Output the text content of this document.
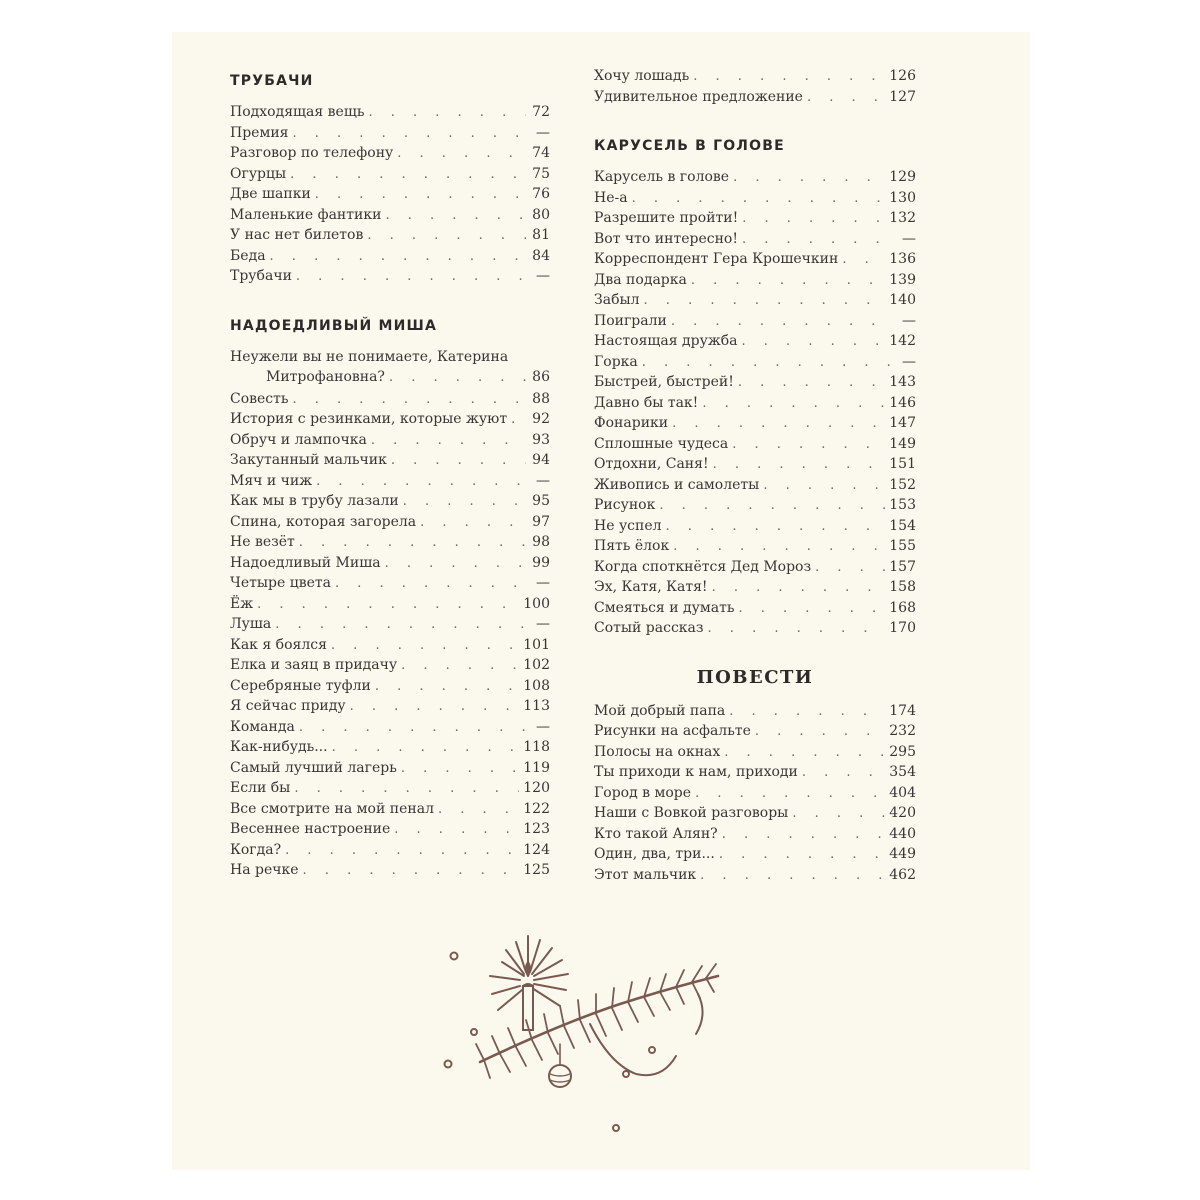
ТРУБАЧИ
Подходящая вещь . . .	72
Премия . . .	—
Разговор по телефону . . .	74
Огурцы . . .	75
Две шапки . . .	76
Маленькие фантики . . .	80
У нас нет билетов . . .	81
Беда . . .	84
Трубачи . . .	—
НАДОЕДЛИВЫЙ МИША
Неужели вы не понимаете, Катерина
Митрофановна? . . .	86
Совесть . . .	88
История с резинками, которые жуют . . . 92
Обруч и лампочка . . .	93
Закутанный мальчик . . .	94
Мяч и чиж . . .	—
Как мы в трубу лазали . . .	95
Спина, которая загорела . . .	97
Не везёт . . .	98
Надоедливый Миша . . .	99
Четыре цвета . . .	—
Ёж . . .	100
Луша . . .	—
Как я боялся . . .	101
Елка и заяц в придачу . . .	102
Серебряные туфли . . .	108
Я сейчас приду . . .	113
Команда . . .	—
Как-нибудь... . . .	118
Самый лучший лагерь . . .	119
Если бы . . .	120
Все смотрите на мой пенал . . .	122
Весеннее настроение . . .	123
Когда? . . .	124
На речке . . .	125
Хочу лошадь . . .	126
Удивительное предложение . . .	127
КАРУСЕЛЬ В ГОЛОВЕ
Карусель в голове . . .	129
Не-а . . .	130
Разрешите пройти! . . .	132
Вот что интересно! . . .	—
Корреспондент Гера Крошечкин . . .	136
Два подарка . . .	139
Забыл . . .	140
Поиграли . . .	—
Настоящая дружба . . .	142
Горка . . .	—
Быстрей, быстрей! . . .	143
Давно бы так! . . .	146
Фонарики . . .	147
Сплошные чудеса . . .	149
Отдохни, Саня! . . .	151
Живопись и самолеты . . .	152
Рисунок . . .	153
Не успел . . .	154
Пять ёлок . . .	155
Когда споткнётся Дед Мороз . . .	157
Эх, Катя, Катя! . . .	158
Смеяться и думать . . .	168
Сотый рассказ . . .	170
ПОВЕСТИ
Мой добрый папа . . .	174
Рисунки на асфальте . . .	232
Полосы на окнах . . .	295
Ты приходи к нам, приходи . . .	354
Город в море . . .	404
Наши с Вовкой разговоры . . .	420
Кто такой Алян? . . .	440
Один, два, три... . . .	449
Этот мальчик . . .	462
